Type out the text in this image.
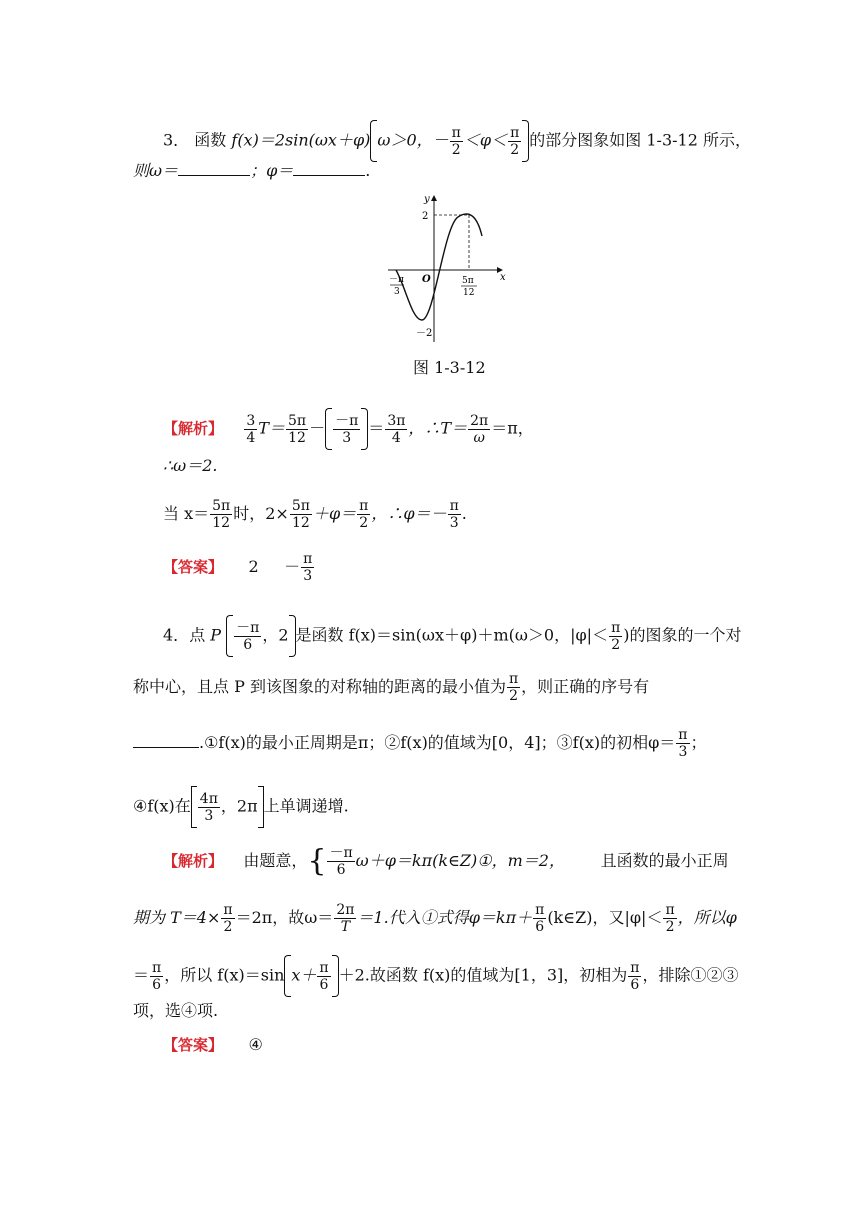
3． 函数 f(x)＝2sin(ωx＋φ) ω＞0，－ $\frac{\pi}{2} <\varphi< \frac{\pi}{2}$ 的部分图象如图 1-3-12 所示，
则ω＝	；φ＝	.
y
x
O
2
－2
－π
3
5π
12
图 1-3-12
【解析】 $\frac{3}{4} T= \frac{5\pi}{12} - \frac{-\pi}{3} = \frac{3\pi}{4}$ ，∴T＝ $\frac{2\pi}{\omega} =\pi$，
∴ω＝2.
当 $x= \frac{5\pi}{12}$ 时，$2\times \frac{5\pi}{12} +\varphi= \frac{\pi}{2}$ ，∴φ＝－ $\frac{\pi}{3}$ .
【答案】 $2 - \frac{\pi}{3}$
4．点 P $\frac{-\pi}{6}$ ，2 是函数 f(x)＝sin(ωx＋φ)＋m(ω＞0，$|\varphi|< \frac{\pi}{2}$ )的图象的一个对
称中心，且点 P 到该图象的对称轴的距离的最小值为 $\frac{\pi}{2}$ ，则正确的序号有
.①f(x)的最小正周期是π；②f(x)的值域为[0，4]；③f(x)的初相$\varphi= \frac{\pi}{3}$ ；
④f(x)在 $\frac{4\pi}{3}$ ，2π 上单调递增.
【解析】 由题意，{ $\frac{-\pi}{6}$ ω＋φ＝kπ(k∈Z)①，m＝2， 且函数的最小正周
期为 $T=4\times \frac{\pi}{2} =2\pi$，故$\omega= \frac{2\pi}{T} =1$.代入①式得$\varphi=k\pi+ \frac{\pi}{6}$ (k∈Z)，又$|\varphi|< \frac{\pi}{2}$ ，所以φ
＝ $\frac{\pi}{6}$ ，所以 f(x)＝sin $x+ \frac{\pi}{6} +2$.故函数 f(x)的值域为[1，3]，初相为 $\frac{\pi}{6}$ ，排除①②③
项，选④项.
【答案】 ④
